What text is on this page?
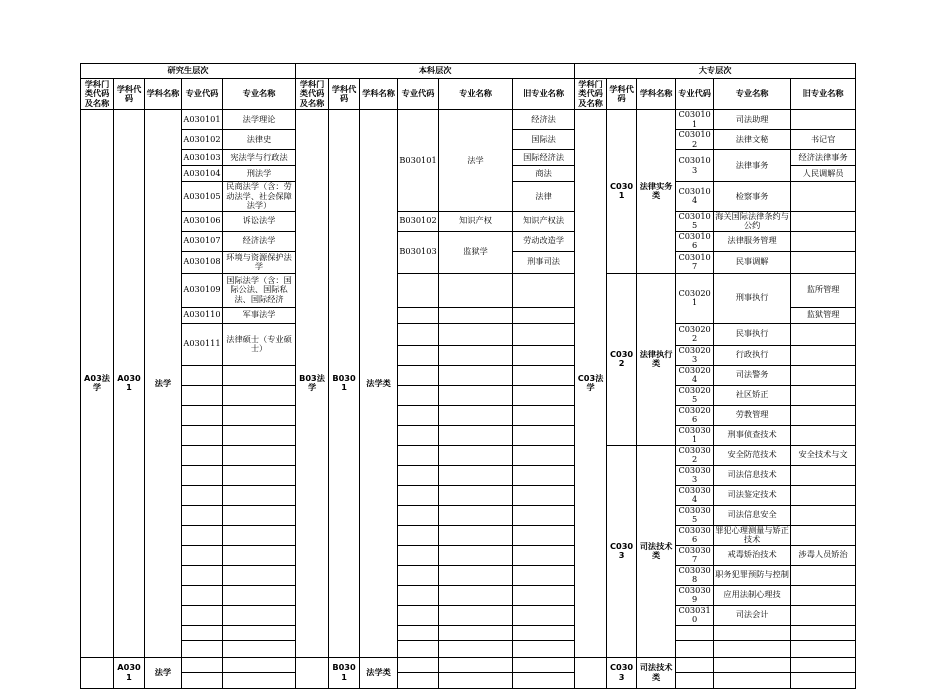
研究生层次					本科层次						大专层次					
学科门类代码及名称	学科代码	学科名称	专业代码	专业名称	学科门类代码及名称	学科代码	学科名称	专业代码	专业名称	旧专业名称	学科门类代码及名称	学科代码	学科名称	专业代码	专业名称	旧专业名称
A03法学	A0301	法学	A030101	法学理论	B03法学	B0301	法学类	B030101	法学	经济法	C03法学	C0301	法律实务类	C030101	司法助理	
			A030102	法律史						国际法				C030102	法律文秘	书记官
			A030103	宪法学与行政法						国际经济法				C030103	法律事务	经济法律事务
			A030104	刑法学						商法						人民调解员
			A030105	民商法学（含：劳动法学、社会保障法学）						法律				C030104	检察事务	
			A030106	诉讼法学				B030102	知识产权	知识产权法				C030105	海关国际法律条约与公约	
			A030107	经济法学				B030103	监狱学	劳动改造学				C030106	法律服务管理	
			A030108	环境与资源保护法学						刑事司法				C030107	民事调解	
			A030109	国际法学（含：国际公法、国际私法、国际经济								C0302	法律执行类	C030201	刑事执行	监所管理
			A030110	军事法学												监狱管理
			A030111	法律硕士（专业硕士）										C030202	民事执行	
														C030203	行政执行	
														C030204	司法警务	
														C030205	社区矫正	
														C030206	劳教管理	
														C030301	刑事侦查技术	
												C0303	司法技术类	C030302	安全防范技术	安全技术与文
														C030303	司法信息技术	
														C030304	司法鉴定技术	
														C030305	司法信息安全	
														C030306	罪犯心理测量与矫正技术	
														C030307	戒毒矫治技术	涉毒人员矫治
														C030308	职务犯罪预防与控制	
														C030309	应用法制心理技	
														C030310	司法会计	

	A0301	法学				B0301	法学类					C0303	司法技术类			
